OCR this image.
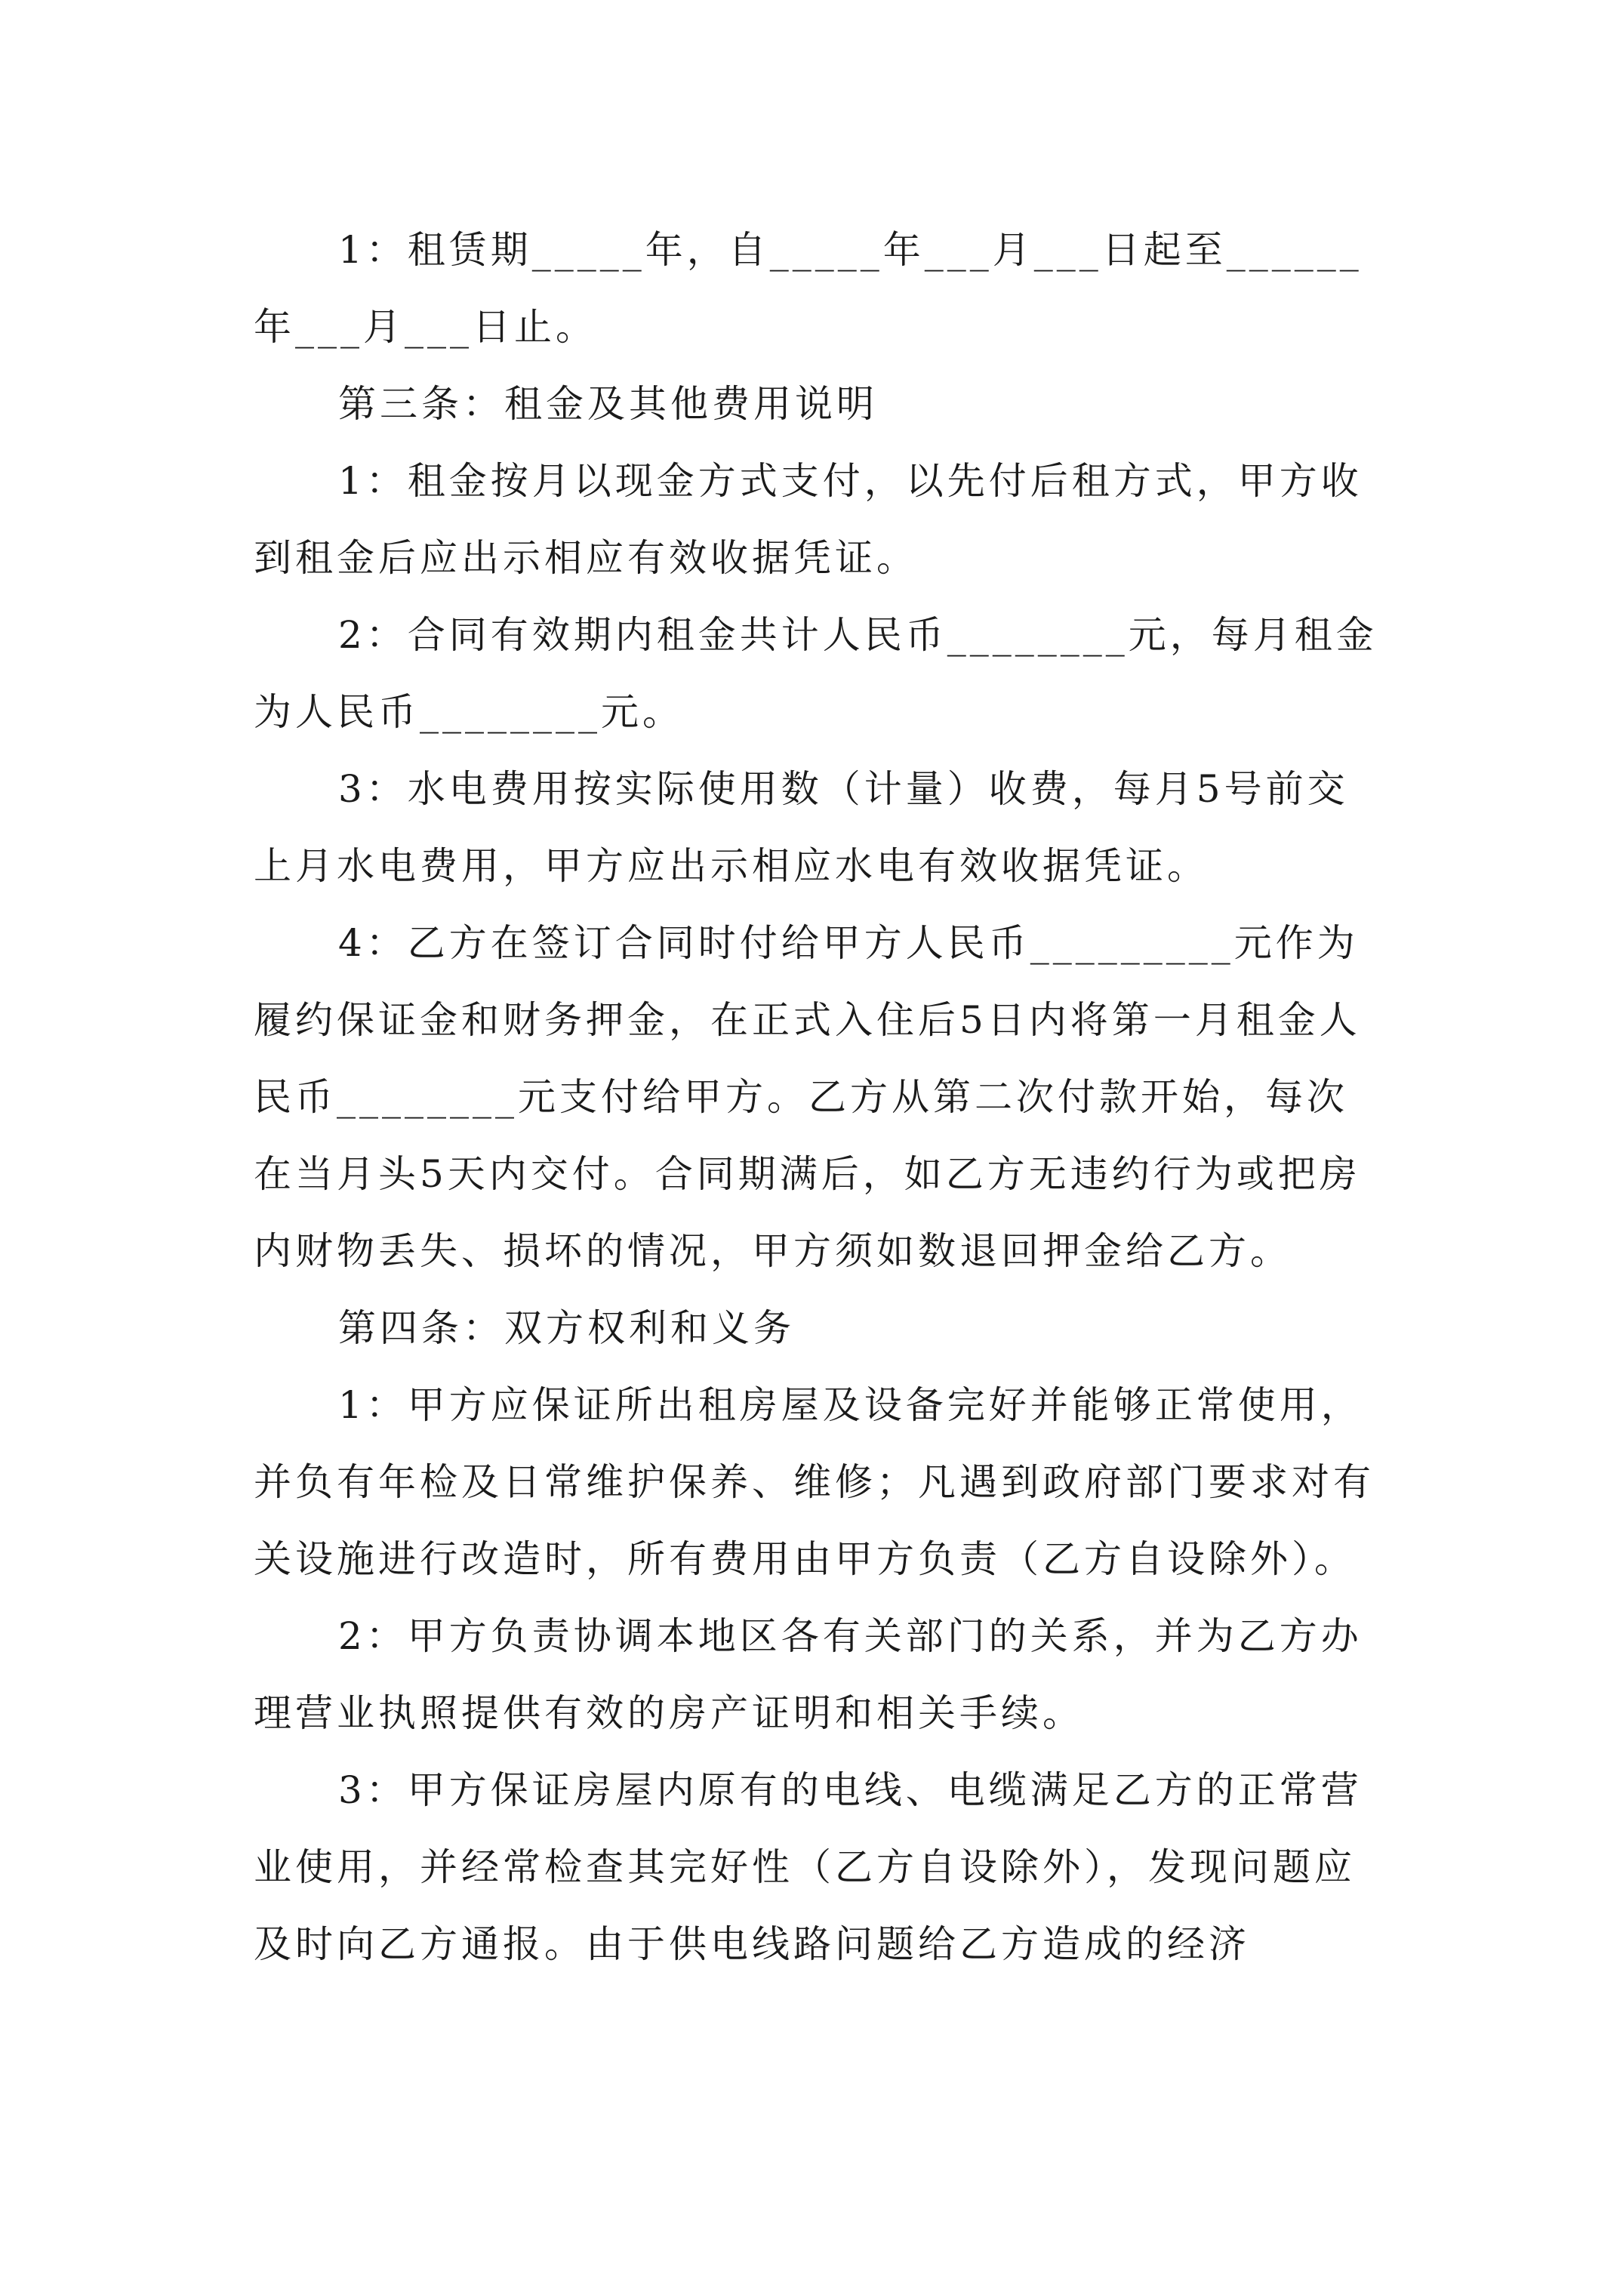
1：租赁期_____年，自_____年___月___日起至______年___月___日止。

第三条：租金及其他费用说明

1：租金按月以现金方式支付，以先付后租方式，甲方收到租金后应出示相应有效收据凭证。

2：合同有效期内租金共计人民币________元，每月租金为人民币________元。

3：水电费用按实际使用数（计量）收费，每月5号前交上月水电费用，甲方应出示相应水电有效收据凭证。

4：乙方在签订合同时付给甲方人民币_________元作为履约保证金和财务押金，在正式入住后5日内将第一月租金人民币________元支付给甲方。乙方从第二次付款开始，每次在当月头5天内交付。合同期满后，如乙方无违约行为或把房内财物丢失、损坏的情况，甲方须如数退回押金给乙方。

第四条：双方权利和义务

1：甲方应保证所出租房屋及设备完好并能够正常使用，并负有年检及日常维护保养、维修；凡遇到政府部门要求对有关设施进行改造时，所有费用由甲方负责（乙方自设除外）。

2：甲方负责协调本地区各有关部门的关系，并为乙方办理营业执照提供有效的房产证明和相关手续。

3：甲方保证房屋内原有的电线、电缆满足乙方的正常营业使用，并经常检查其完好性（乙方自设除外），发现问题应及时向乙方通报。由于供电线路问题给乙方造成的经济
